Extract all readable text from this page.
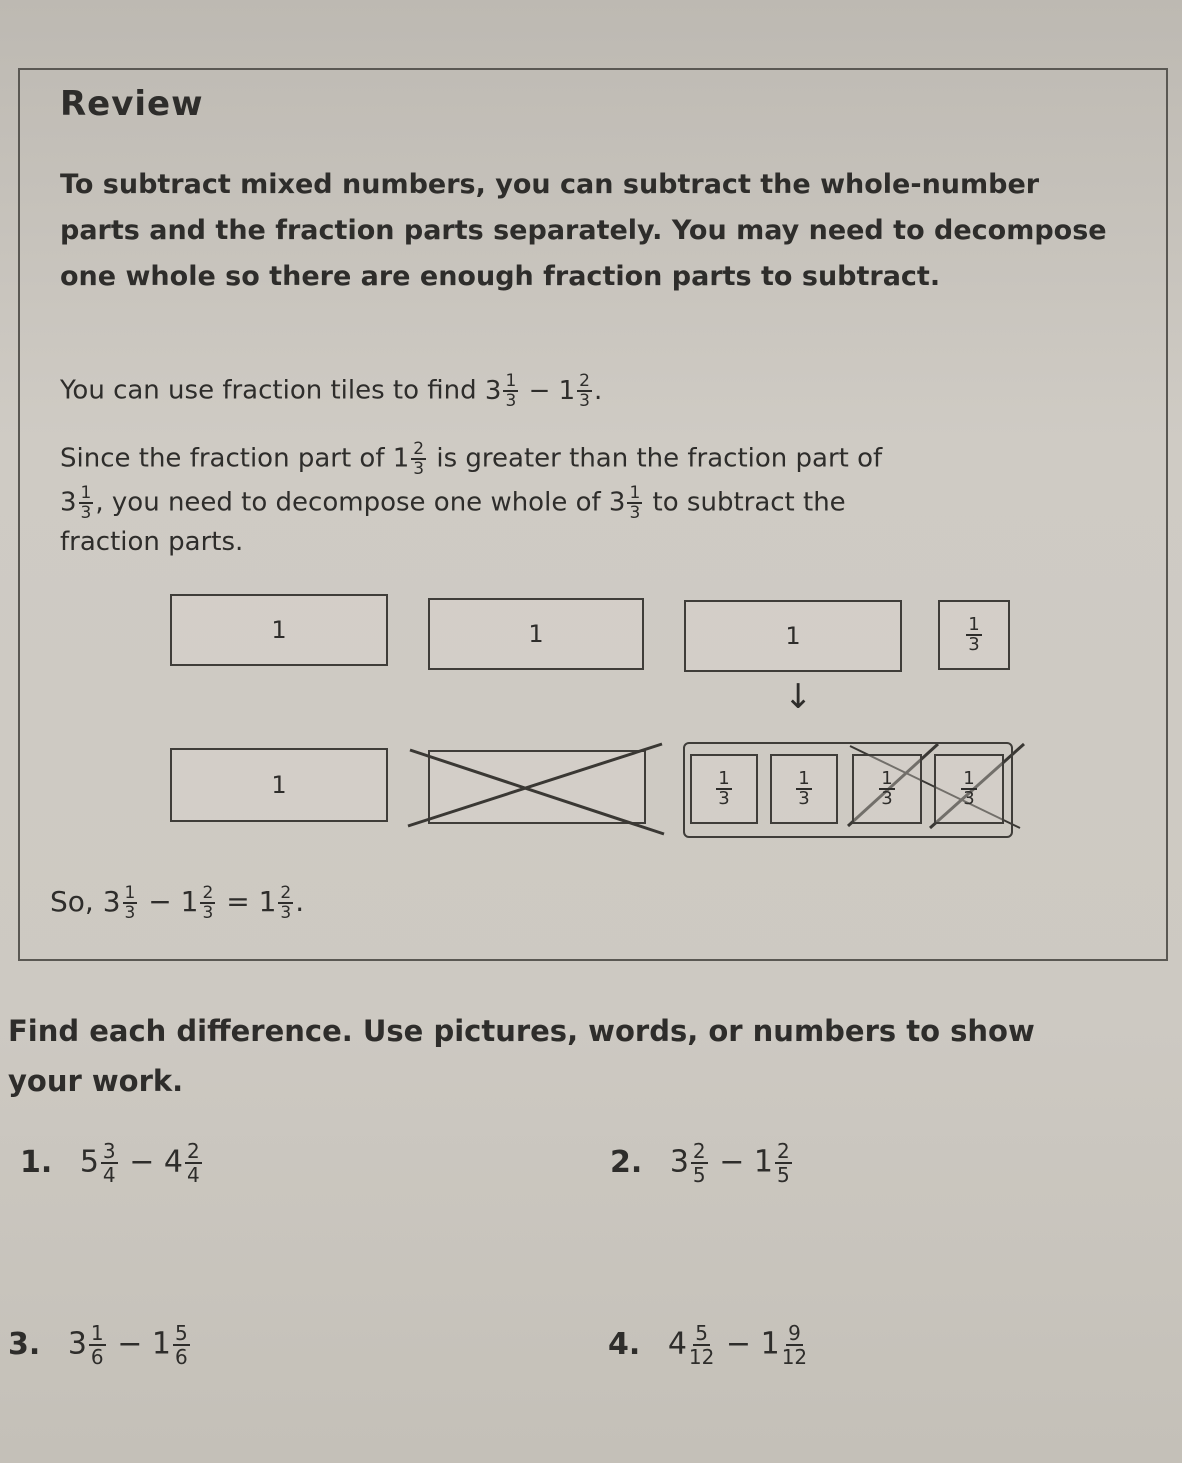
Review
To subtract mixed numbers, you can subtract the whole-number parts and the fraction parts separately. You may need to decompose one whole so there are enough fraction parts to subtract.
You can use fraction tiles to find $3 \frac{1}{3} - 1 \frac{2}{3}$ .
Since the fraction part of $1 \frac{2}{3}$ is greater than the fraction part of
$3 \frac{1}{3}$ , you need to decompose one whole of $3 \frac{1}{3}$ to subtract the
fraction parts.
1	1	1	$\frac{1}{3}$
↓
1	$\frac{1}{3}$	$\frac{1}{3}$	$\frac{1}{3}$	$\frac{1}{3}$
So, $3 \frac{1}{3} - 1 \frac{2}{3} = 1 \frac{2}{3}$ .
Find each difference. Use pictures, words, or numbers to show your work.
1. $5 \frac{3}{4} - 4 \frac{2}{4}$	2. $3 \frac{2}{5} - 1 \frac{2}{5}$
3. $3 \frac{1}{6} - 1 \frac{5}{6}$	4. $4 \frac{5}{12} - 1 \frac{9}{12}$
